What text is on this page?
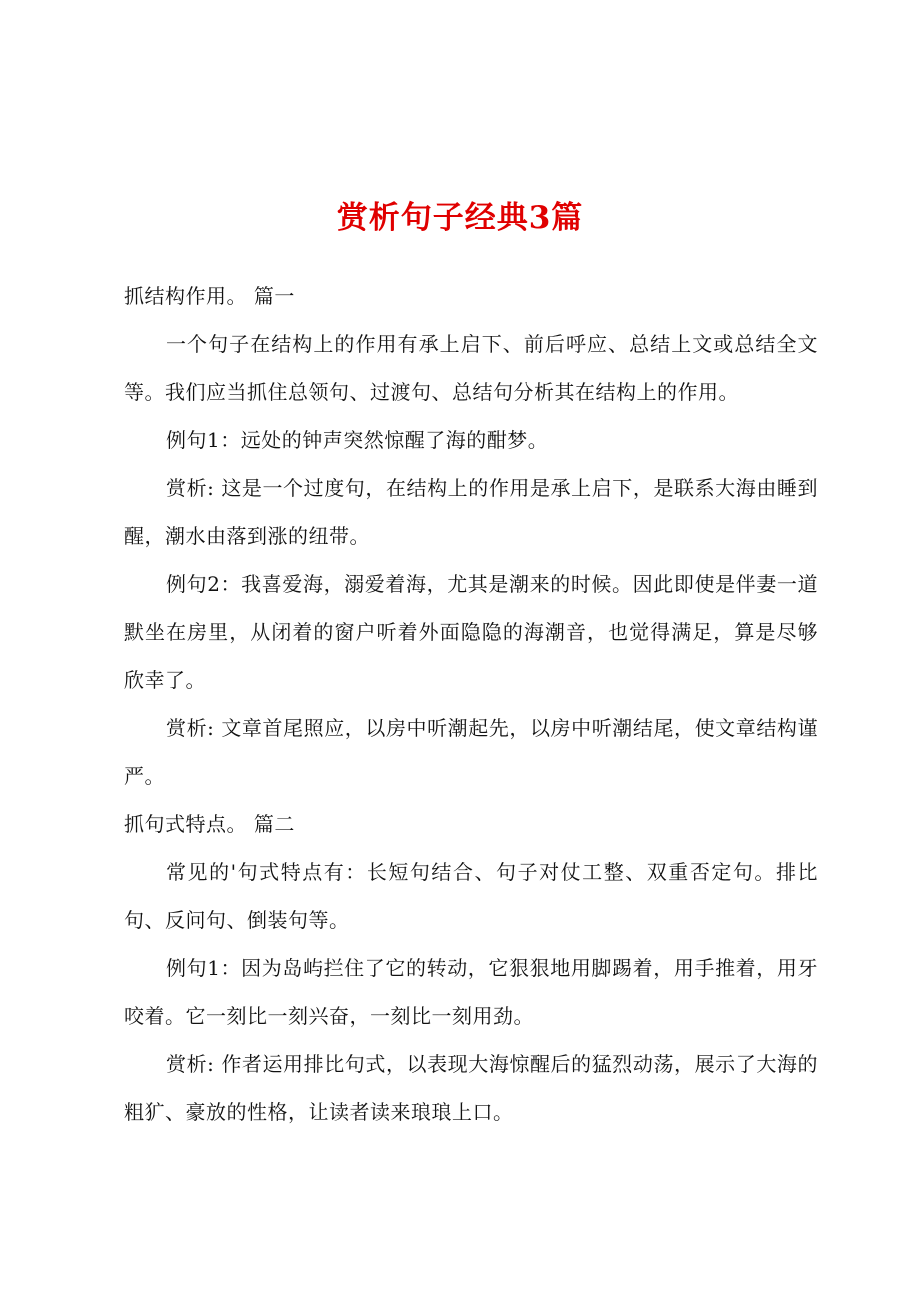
赏析句子经典3篇

抓结构作用。 篇一

一个句子在结构上的作用有承上启下、前后呼应、总结上文或总结全文等。我们应当抓住总领句、过渡句、总结句分析其在结构上的作用。

例句1：远处的钟声突然惊醒了海的酣梦。

赏析: 这是一个过度句，在结构上的作用是承上启下，是联系大海由睡到醒，潮水由落到涨的纽带。

例句2：我喜爱海，溺爱着海，尤其是潮来的时候。因此即使是伴妻一道默坐在房里，从闭着的窗户听着外面隐隐的海潮音，也觉得满足，算是尽够欣幸了。

赏析: 文章首尾照应，以房中听潮起先，以房中听潮结尾，使文章结构谨严。

抓句式特点。 篇二

常见的'句式特点有：长短句结合、句子对仗工整、双重否定句。排比句、反问句、倒装句等。

例句1：因为岛屿拦住了它的转动，它狠狠地用脚踢着，用手推着，用牙咬着。它一刻比一刻兴奋，一刻比一刻用劲。

赏析: 作者运用排比句式，以表现大海惊醒后的猛烈动荡，展示了大海的粗犷、豪放的性格，让读者读来琅琅上口。
